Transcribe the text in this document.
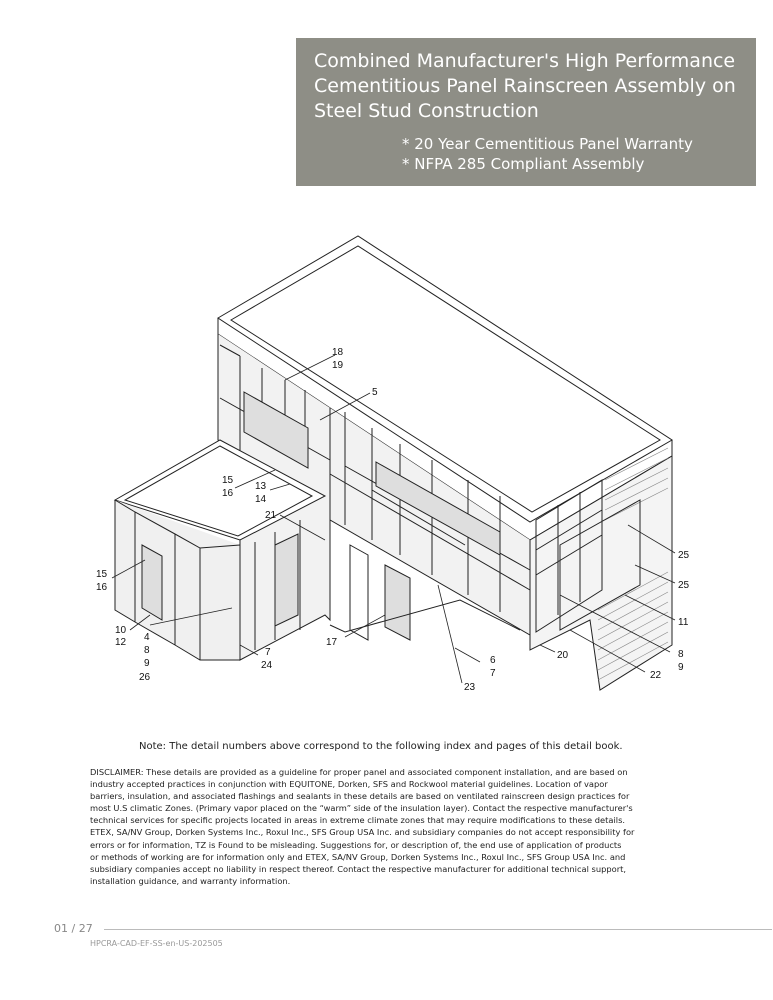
Combined Manufacturer's High Performance
Cementitious Panel Rainscreen Assembly on
Steel Stud Construction
* 20 Year Cementitious Panel Warranty
* NFPA 285 Compliant Assembly
18
19
5
15
16
13
14
21
15
16
10
12 4
8
9
26
7
24
17
6
7
23
20
22
8
9
11
25
25
Note: The detail numbers above correspond to the following index and pages of this detail book.
DISCLAIMER: These details are provided as a guideline for proper panel and associated component installation, and are based on
industry accepted practices in conjunction with EQUITONE, Dorken, SFS and Rockwool material guidelines. Location of vapor
barriers, insulation, and associated flashings and sealants in these details are based on ventilated rainscreen design practices for
most U.S climatic Zones. (Primary vapor placed on the “warm” side of the insulation layer). Contact the respective manufacturer's
technical services for specific projects located in areas in extreme climate zones that may require modifications to these details.
ETEX, SA/NV Group, Dorken Systems Inc., Roxul Inc., SFS Group USA Inc. and subsidiary companies do not accept responsibility for
errors or for information, TZ is Found to be misleading. Suggestions for, or description of, the end use of application of products
or methods of working are for information only and ETEX, SA/NV Group, Dorken Systems Inc., Roxul Inc., SFS Group USA Inc. and
subsidiary companies accept no liability in respect thereof. Contact the respective manufacturer for additional technical support,
installation guidance, and warranty information.
01 / 27
HPCRA-CAD-EF-SS-en-US-202505
